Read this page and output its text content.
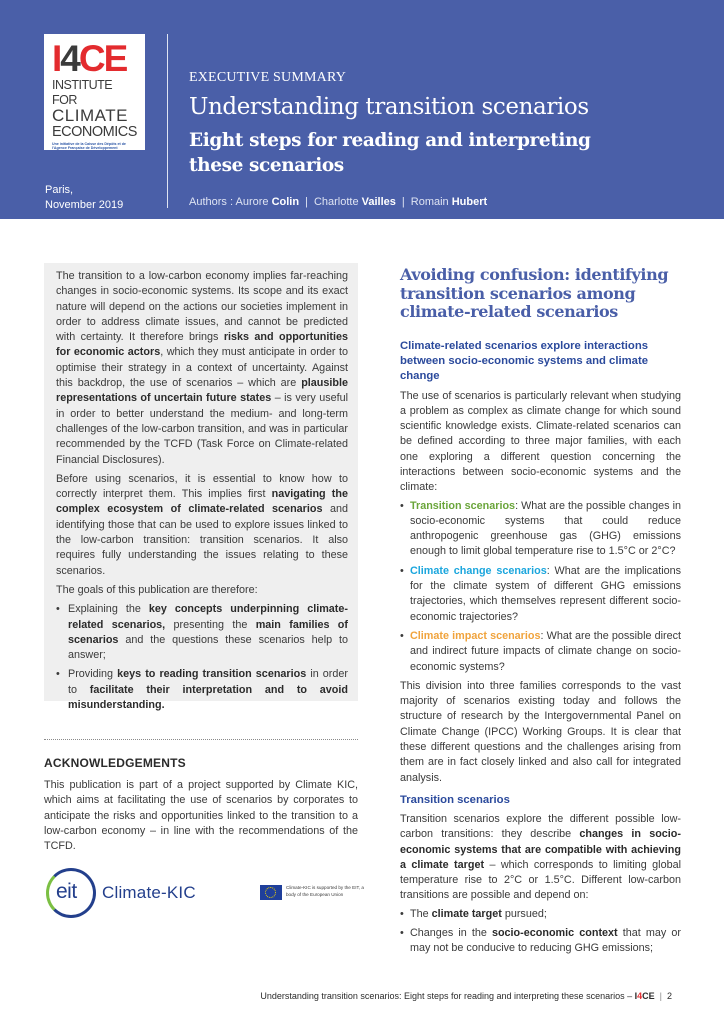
I4CE
INSTITUTE FOR
CLIMATE
ECONOMICS
Une initiative de la Caisse des Dépôts et de l'Agence Française de Développement
Paris,
November 2019
EXECUTIVE SUMMARY
Understanding transition scenarios
Eight steps for reading and interpreting these scenarios
Authors : Aurore Colin | Charlotte Vailles | Romain Hubert

The transition to a low-carbon economy implies far-reaching changes in socio-economic systems. Its scope and its exact nature will depend on the actions our societies implement in order to address climate issues, and cannot be predicted with certainty. It therefore brings risks and opportunities for economic actors, which they must anticipate in order to optimise their strategy in a context of uncertainty. Against this backdrop, the use of scenarios – which are plausible representations of uncertain future states – is very useful in order to better understand the medium- and long-term challenges of the low-carbon transition, and was in particular recommended by the TCFD (Task Force on Climate-related Financial Disclosures).

Before using scenarios, it is essential to know how to correctly interpret them. This implies first navigating the complex ecosystem of climate-related scenarios and identifying those that can be used to explore issues linked to the low-carbon transition: transition scenarios. It also requires fully understanding the issues relating to these scenarios.

The goals of this publication are therefore:

• Explaining the key concepts underpinning climate-related scenarios, presenting the main families of scenarios and the questions these scenarios help to answer;
• Providing keys to reading transition scenarios in order to facilitate their interpretation and to avoid misunderstanding.
ACKNOWLEDGEMENTS

This publication is part of a project supported by Climate KIC, which aims at facilitating the use of scenarios by corporates to anticipate the risks and opportunities linked to the transition to a low-carbon economy – in line with the recommendations of the TCFD.

eit Climate-KIC	Climate-KIC is supported by the EIT, a body of the European Union
Avoiding confusion: identifying transition scenarios among climate-related scenarios
Climate-related scenarios explore interactions between socio-economic systems and climate change

The use of scenarios is particularly relevant when studying a problem as complex as climate change for which sound scientific knowledge exists. Climate-related scenarios can be defined according to three major families, with each one exploring a different question concerning the interactions between socio-economic systems and the climate:

• Transition scenarios: What are the possible changes in socio-economic systems that could reduce anthropogenic greenhouse gas (GHG) emissions enough to limit global temperature rise to 1.5°C or 2°C?
• Climate change scenarios: What are the implications for the climate system of different GHG emissions trajectories, which themselves represent different socio-economic trajectories?
• Climate impact scenarios: What are the possible direct and indirect future impacts of climate change on socio-economic systems?

This division into three families corresponds to the vast majority of scenarios existing today and follows the structure of research by the Intergovernmental Panel on Climate Change (IPCC) Working Groups. It is clear that these different questions and the challenges arising from them are in fact closely linked and also call for integrated analysis.

Transition scenarios

Transition scenarios explore the different possible low-carbon transitions: they describe changes in socio-economic systems that are compatible with achieving a climate target – which corresponds to limiting global temperature rise to 2°C or 1.5°C. Different low-carbon transitions are possible and depend on:

• The climate target pursued;
• Changes in the socio-economic context that may or may not be conducive to reducing GHG emissions;
Understanding transition scenarios: Eight steps for reading and interpreting these scenarios – I4CE | 2
